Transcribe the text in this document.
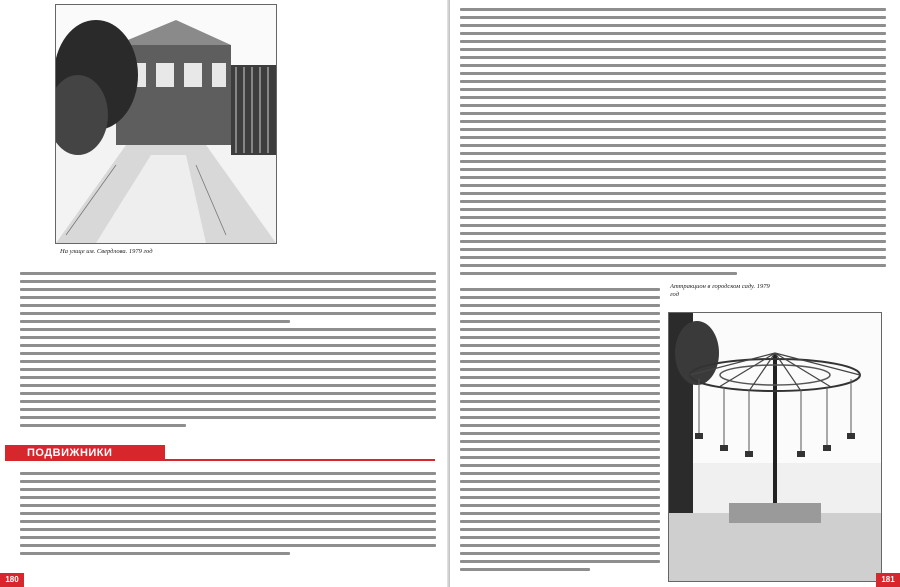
На улице им. Свердлова. 1979 год
ПОДВИЖНИКИ
180
Аттракцион в городском саду. 1979 год
181
